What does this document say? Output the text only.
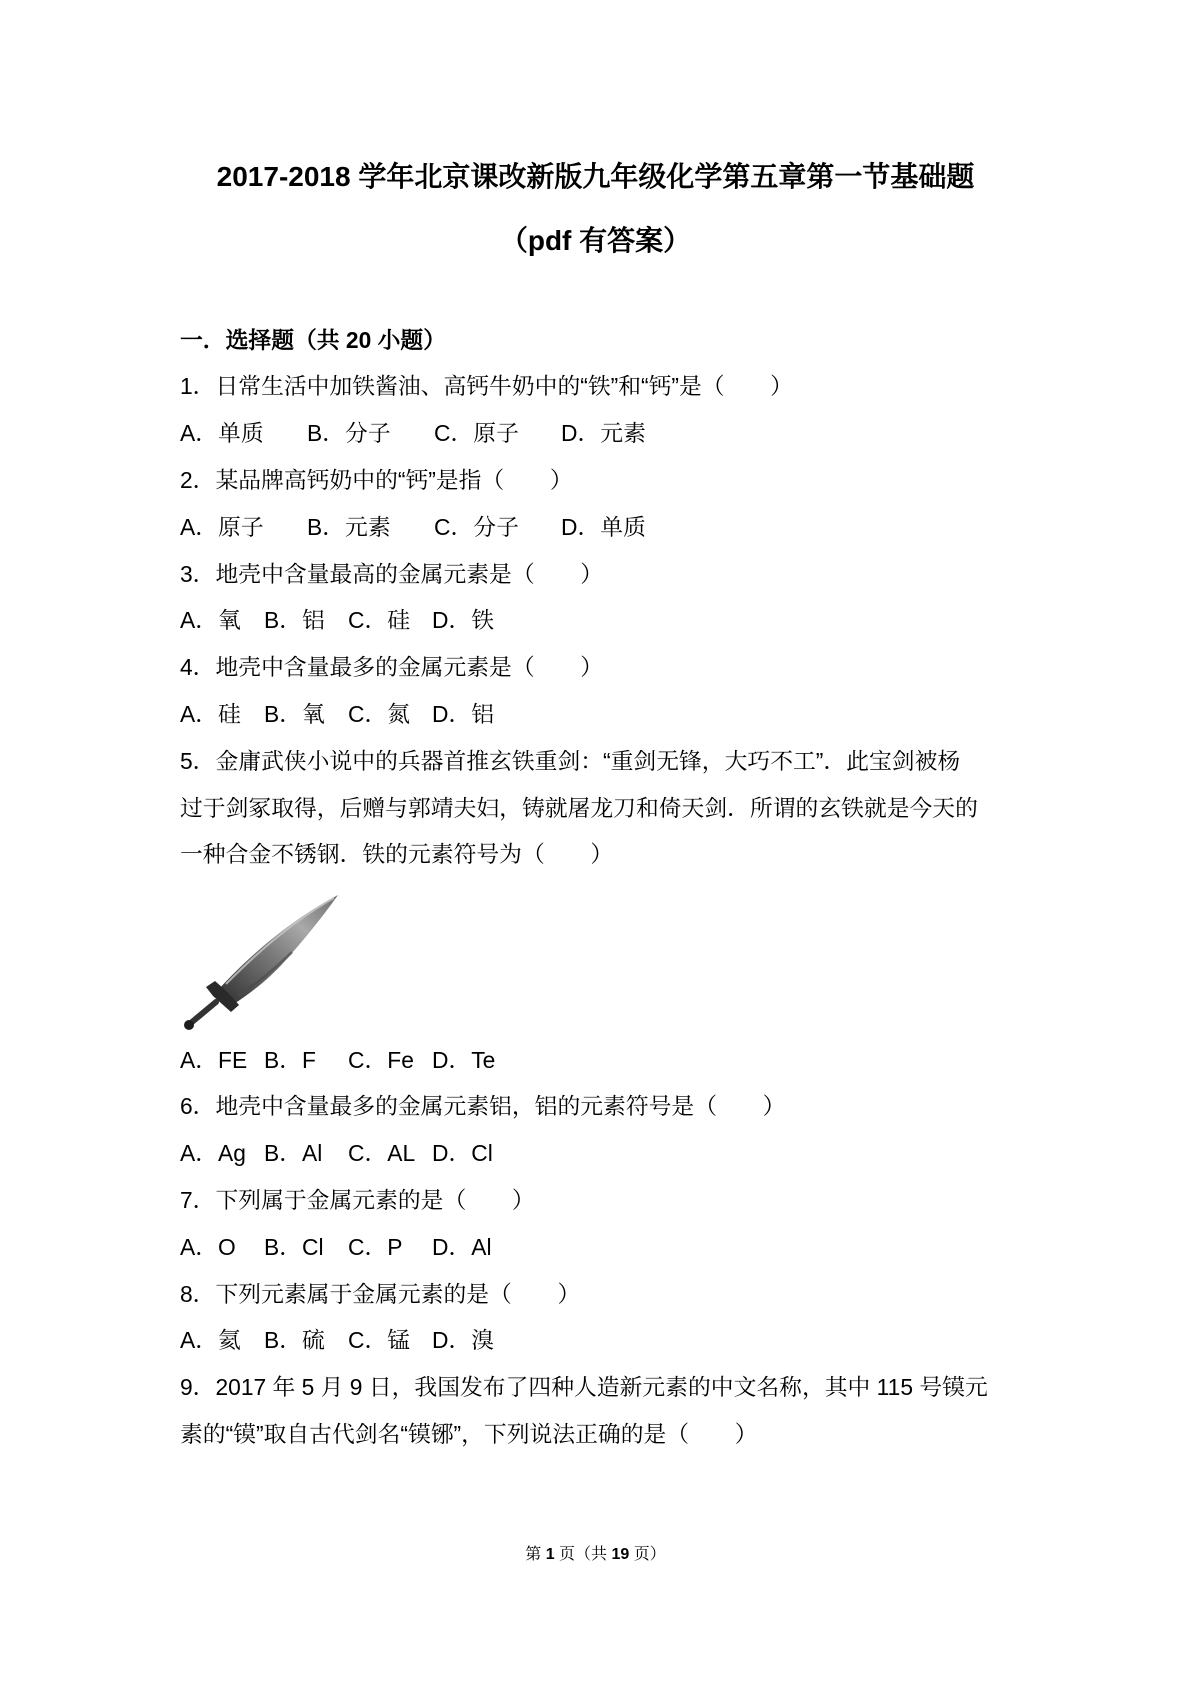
2017-2018 学年北京课改新版九年级化学第五章第一节基础题
（pdf 有答案）
一．选择题（共 20 小题）
1．日常生活中加铁酱油、高钙牛奶中的“铁”和“钙”是（　　）
A．单质 B．分子 C．原子 D．元素
2．某品牌高钙奶中的“钙”是指（　　）
A．原子 B．元素 C．分子 D．单质
3．地壳中含量最高的金属元素是（　　）
A．氧 B．铝 C．硅 D．铁
4．地壳中含量最多的金属元素是（　　）
A．硅 B．氧 C．氮 D．铝
5．金庸武侠小说中的兵器首推玄铁重剑：“重剑无锋，大巧不工”．此宝剑被杨
过于剑冢取得，后赠与郭靖夫妇，铸就屠龙刀和倚天剑．所谓的玄铁就是今天的
一种合金不锈钢．铁的元素符号为（　　）
A．FE B．F C．Fe D．Te
6．地壳中含量最多的金属元素铝，铝的元素符号是（　　）
A．Ag B．Al C．AL D．Cl
7．下列属于金属元素的是（　　）
A．O B．Cl C．P D．Al
8．下列元素属于金属元素的是（　　）
A．氦 B．硫 C．锰 D．溴
9．2017 年 5 月 9 日，我国发布了四种人造新元素的中文名称，其中 115 号镆元
素的“镆”取自古代剑名“镆铘”，下列说法正确的是（　　）
第 1 页（共 19 页）
